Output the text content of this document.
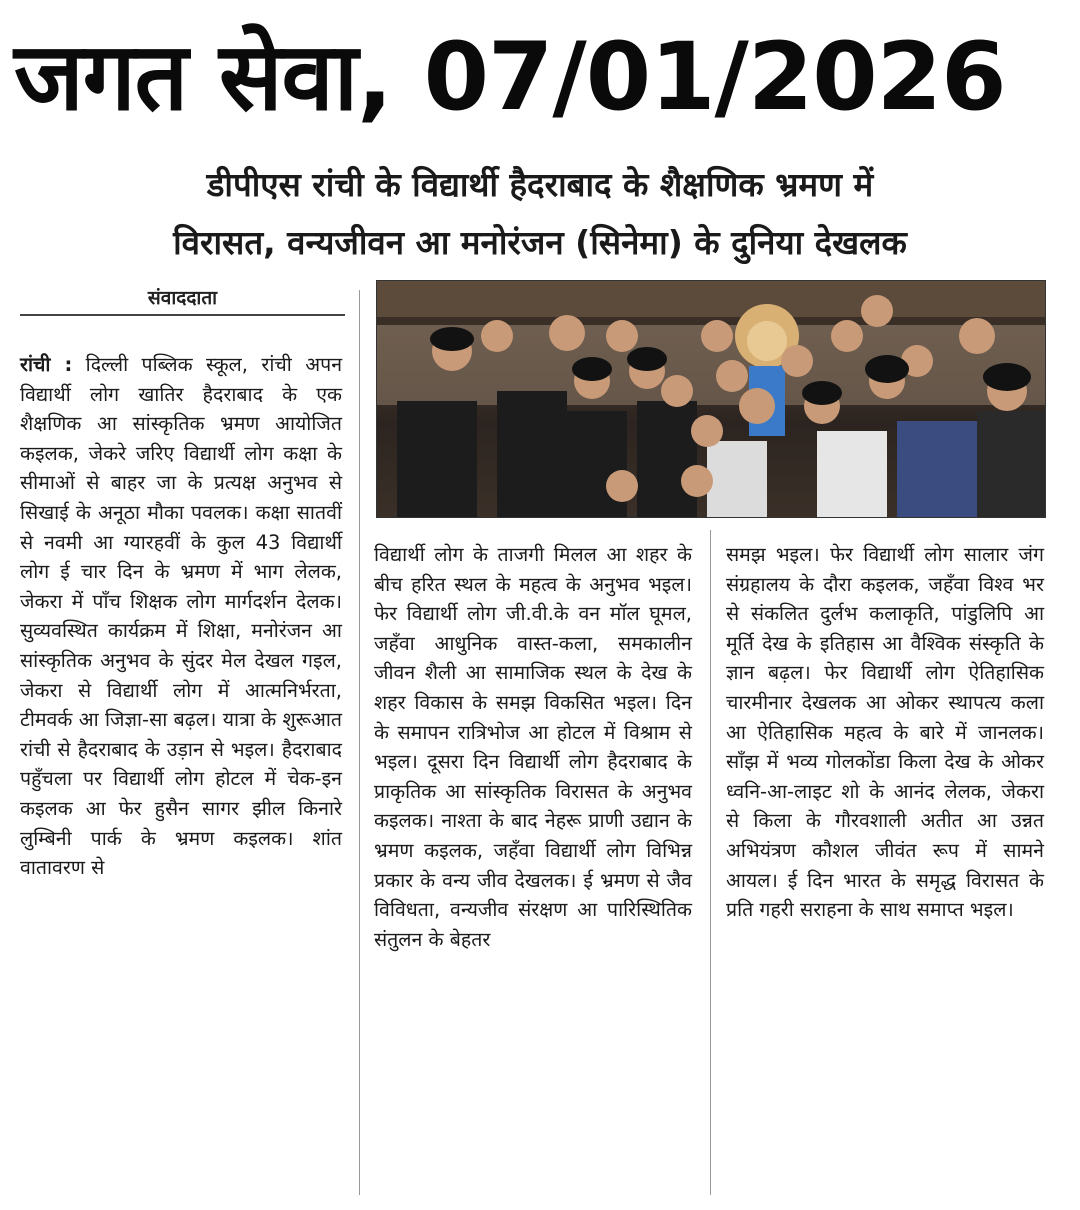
जगत सेवा, 07/01/2026
डीपीएस रांची के विद्यार्थी हैदराबाद के शैक्षणिक भ्रमण में
विरासत, वन्यजीवन आ मनोरंजन (सिनेमा) के दुनिया देखलक
संवाददाता
रांची : दिल्ली पब्लिक स्कूल, रांची अपन विद्यार्थी लोग खातिर हैदराबाद के एक शैक्षणिक आ सांस्कृतिक भ्रमण आयोजित कइलक, जेकरे जरिए विद्यार्थी लोग कक्षा के सीमाओं से बाहर जा के प्रत्यक्ष अनुभव से सिखाई के अनूठा मौका पवलक। कक्षा सातवीं से नवमी आ ग्यारहवीं के कुल 43 विद्यार्थी लोग ई चार दिन के भ्रमण में भाग लेलक, जेकरा में पाँच शिक्षक लोग मार्गदर्शन देलक। सुव्यवस्थित कार्यक्रम में शिक्षा, मनोरंजन आ सांस्कृतिक अनुभव के सुंदर मेल देखल गइल, जेकरा से विद्यार्थी लोग में आत्मनिर्भरता, टीमवर्क आ जिज्ञा-सा बढ़ल। यात्रा के शुरूआत रांची से हैदराबाद के उड़ान से भइल। हैदराबाद पहुँचला पर विद्यार्थी लोग होटल में चेक-इन कइलक आ फेर हुसैन सागर झील किनारे लुम्बिनी पार्क के भ्रमण कइलक। शांत वातावरण से
विद्यार्थी लोग के ताजगी मिलल आ शहर के बीच हरित स्थल के महत्व के अनुभव भइल। फेर विद्यार्थी लोग जी.वी.के वन मॉल घूमल, जहँवा आधुनिक वास्त-कला, समकालीन जीवन शैली आ सामाजिक स्थल के देख के शहर विकास के समझ विकसित भइल। दिन के समापन रात्रिभोज आ होटल में विश्राम से भइल। दूसरा दिन विद्यार्थी लोग हैदराबाद के प्राकृतिक आ सांस्कृतिक विरासत के अनुभव कइलक। नाश्ता के बाद नेहरू प्राणी उद्यान के भ्रमण कइलक, जहँवा विद्यार्थी लोग विभिन्न प्रकार के वन्य जीव देखलक। ई भ्रमण से जैव विविधता, वन्यजीव संरक्षण आ पारिस्थितिक संतुलन के बेहतर
समझ भइल। फेर विद्यार्थी लोग सालार जंग संग्रहालय के दौरा कइलक, जहँवा विश्व भर से संकलित दुर्लभ कलाकृति, पांडुलिपि आ मूर्ति देख के इतिहास आ वैश्विक संस्कृति के ज्ञान बढ़ल। फेर विद्यार्थी लोग ऐतिहासिक चारमीनार देखलक आ ओकर स्थापत्य कला आ ऐतिहासिक महत्व के बारे में जानलक। साँझ में भव्य गोलकोंडा किला देख के ओकर ध्वनि-आ-लाइट शो के आनंद लेलक, जेकरा से किला के गौरवशाली अतीत आ उन्नत अभियंत्रण कौशल जीवंत रूप में सामने आयल। ई दिन भारत के समृद्ध विरासत के प्रति गहरी सराहना के साथ समाप्त भइल।
